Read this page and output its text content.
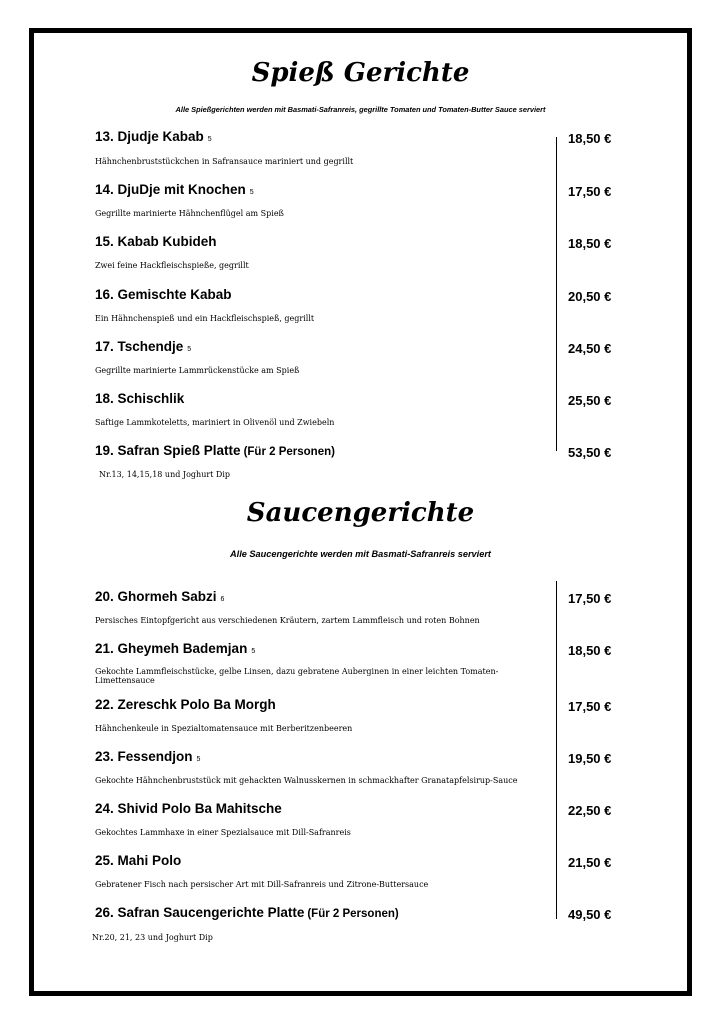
Spieß Gerichte
Alle Spießgerichten werden mit Basmati-Safranreis, gegrillte Tomaten und Tomaten-Butter Sauce serviert
13. Djudje Kabab 5	18,50 €
Hähnchenbruststückchen in Safransauce mariniert und gegrillt
14. DjuDje mit Knochen 5	17,50 €
Gegrillte marinierte Hähnchenflügel am Spieß
15. Kabab Kubideh	18,50 €
Zwei feine Hackfleischspieße, gegrillt
16. Gemischte Kabab	20,50 €
Ein Hähnchenspieß und ein Hackfleischspieß, gegrillt
17. Tschendje 5	24,50 €
Gegrillte marinierte Lammrückenstücke am Spieß
18. Schischlik	25,50 €
Saftige Lammkoteletts, mariniert in Olivenöl und Zwiebeln
19. Safran Spieß Platte (Für 2 Personen)	53,50 €
Nr.13, 14,15,18 und Joghurt Dip
Saucengerichte
Alle Saucengerichte werden mit Basmati-Safranreis serviert
20. Ghormeh Sabzi 6	17,50 €
Persisches Eintopfgericht aus verschiedenen Kräutern, zartem Lammfleisch und roten Bohnen
21. Gheymeh Bademjan 5	18,50 €
Gekochte Lammfleischstücke, gelbe Linsen, dazu gebratene Auberginen in einer leichten Tomaten-Limettensauce
22. Zereschk Polo Ba Morgh	17,50 €
Hähnchenkeule in Spezialtomatensauce mit Berberitzenbeeren
23. Fessendjon 5	19,50 €
Gekochte Hähnchenbruststück mit gehackten Walnusskernen in schmackhafter Granatapfelsirup-Sauce
24. Shivid Polo Ba Mahitsche	22,50 €
Gekochtes Lammhaxe in einer Spezialsauce mit Dill-Safranreis
25. Mahi Polo	21,50 €
Gebratener Fisch nach persischer Art mit Dill-Safranreis und Zitrone-Buttersauce
26. Safran Saucengerichte Platte (Für 2 Personen)	49,50 €
Nr.20, 21, 23 und Joghurt Dip
